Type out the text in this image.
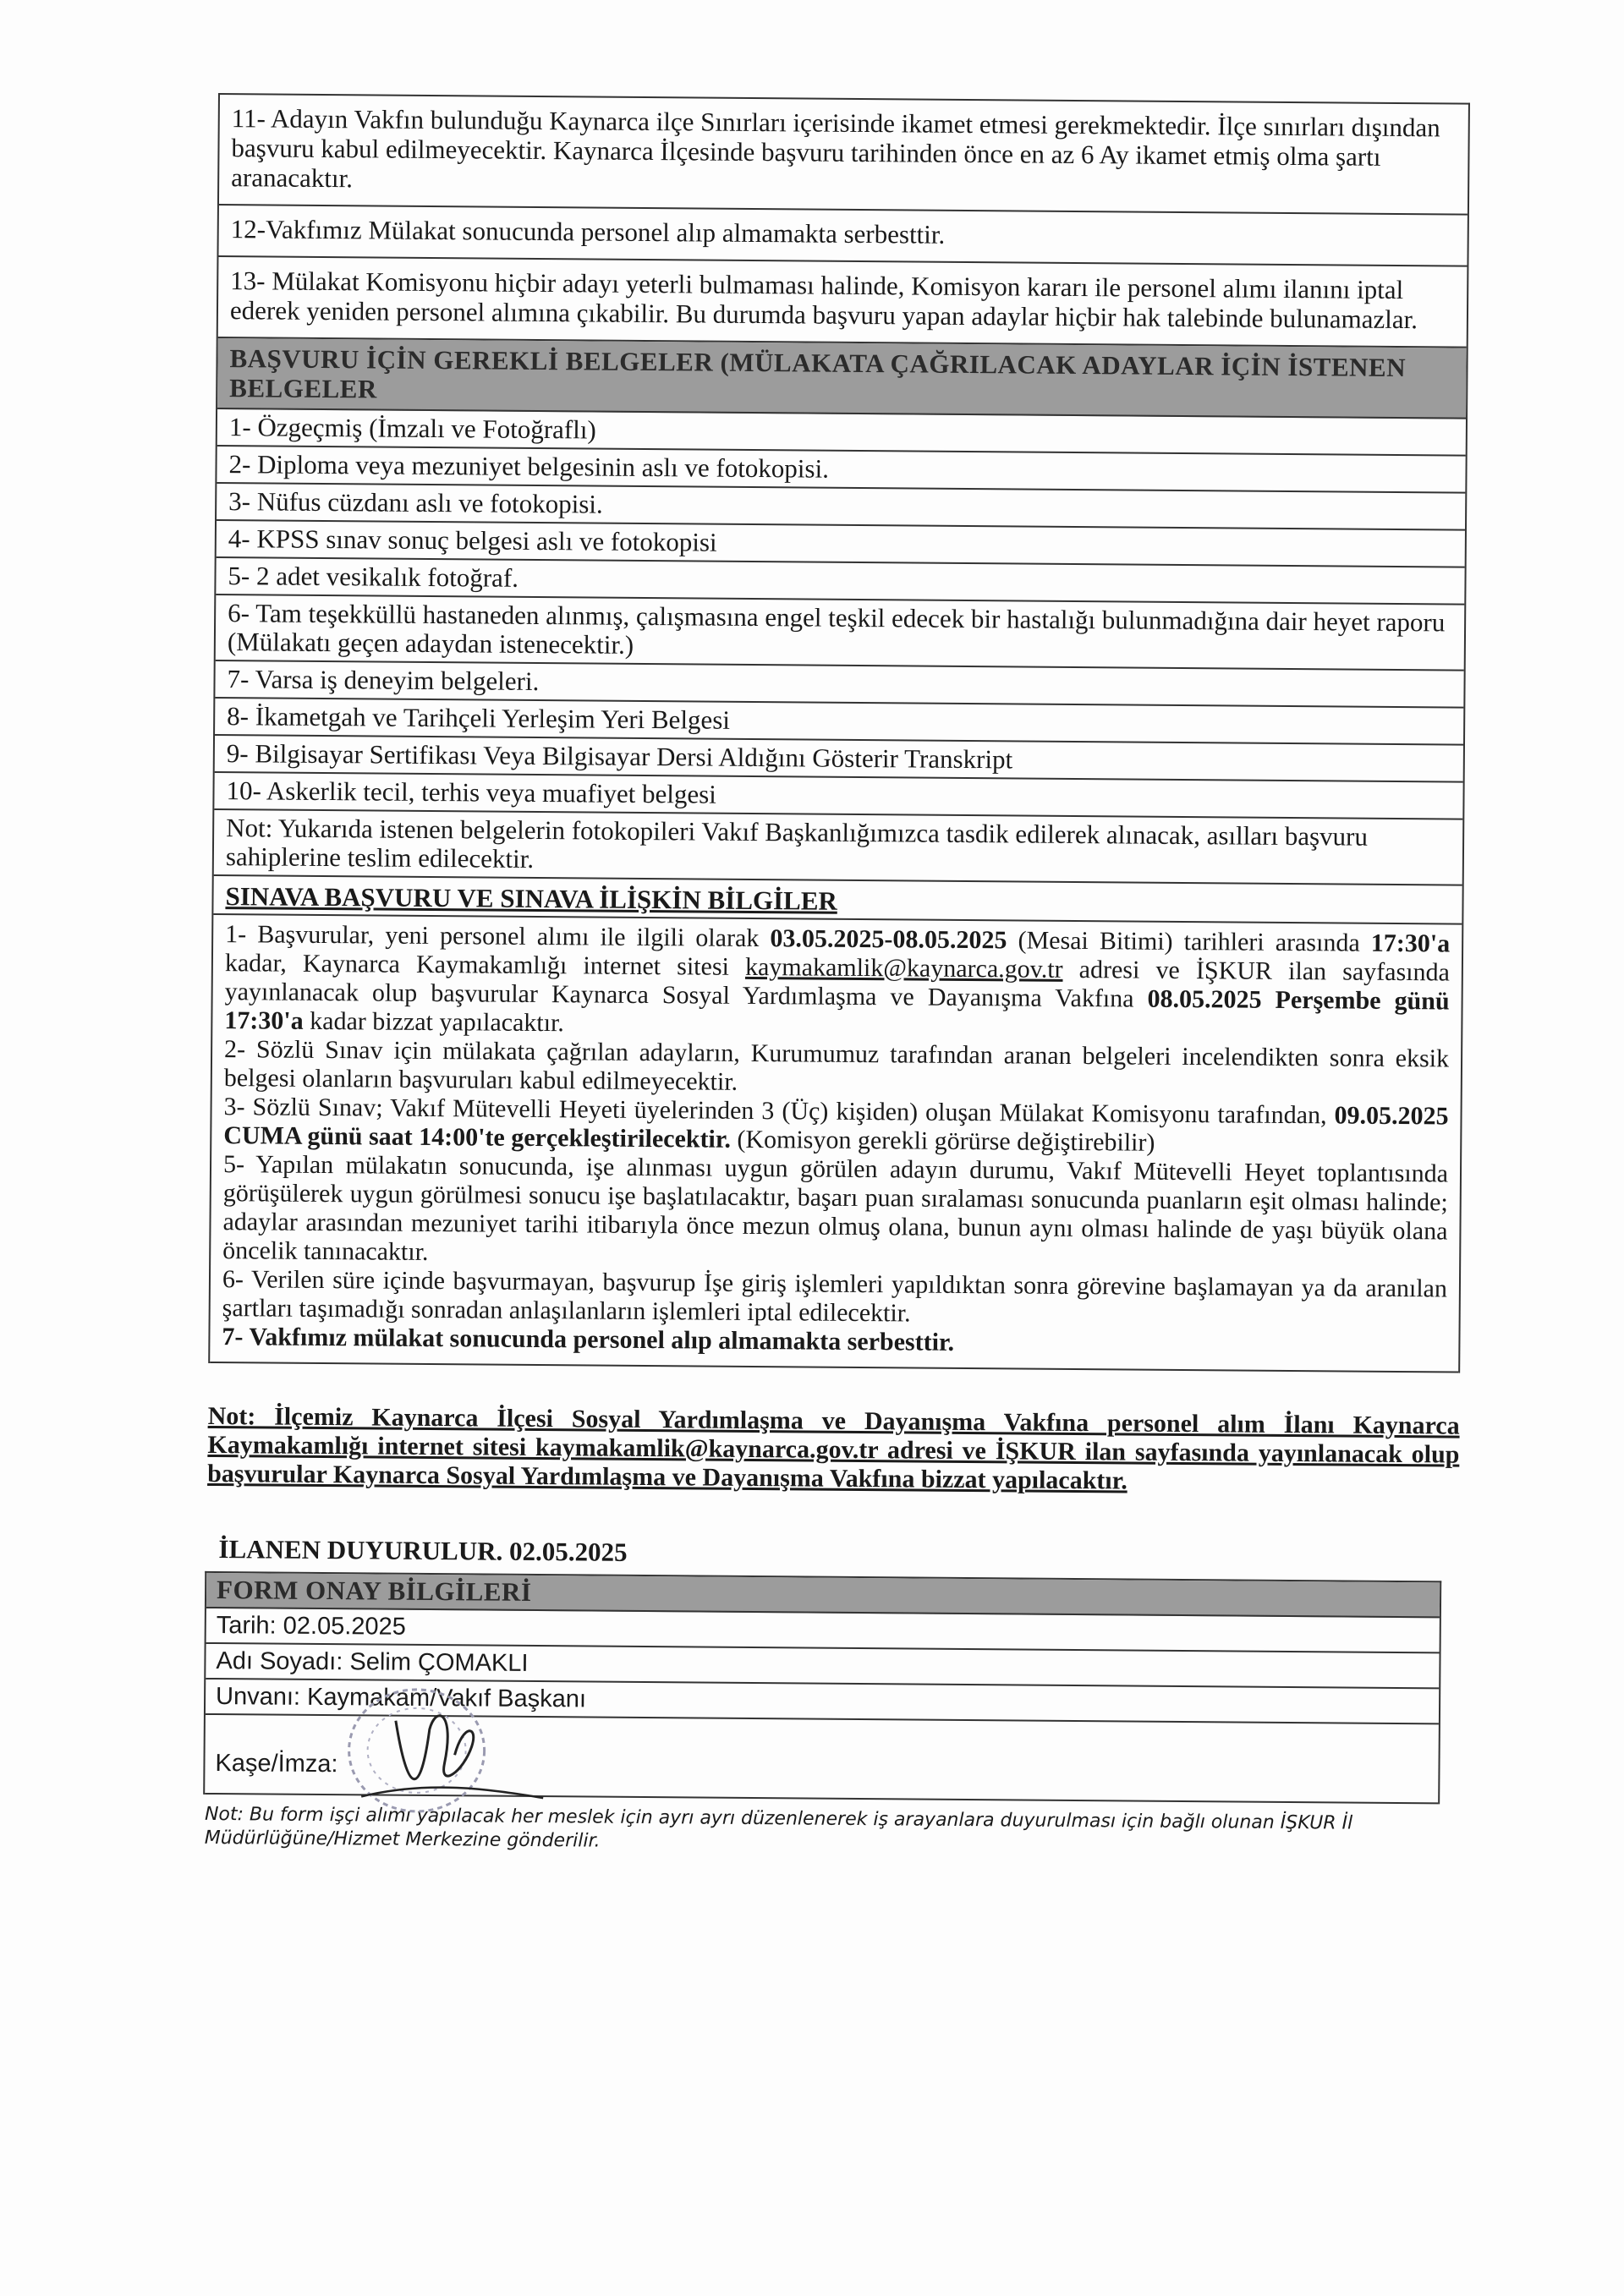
11- Adayın Vakfın bulunduğu Kaynarca ilçe Sınırları içerisinde ikamet etmesi gerekmektedir. İlçe sınırları dışından başvuru kabul edilmeyecektir. Kaynarca İlçesinde başvuru tarihinden önce en az 6 Ay ikamet etmiş olma şartı aranacaktır.
12-Vakfımız Mülakat sonucunda personel alıp almamakta serbesttir.
13- Mülakat Komisyonu hiçbir adayı yeterli bulmaması halinde, Komisyon kararı ile personel alımı ilanını iptal ederek yeniden personel alımına çıkabilir. Bu durumda başvuru yapan adaylar hiçbir hak talebinde bulunamazlar.
BAŞVURU İÇİN GEREKLİ BELGELER (MÜLAKATA ÇAĞRILACAK ADAYLAR İÇİN İSTENEN BELGELER
1- Özgeçmiş (İmzalı ve Fotoğraflı)
2- Diploma veya mezuniyet belgesinin aslı ve fotokopisi.
3- Nüfus cüzdanı aslı ve fotokopisi.
4- KPSS sınav sonuç belgesi aslı ve fotokopisi
5- 2 adet vesikalık fotoğraf.
6- Tam teşekküllü hastaneden alınmış, çalışmasına engel teşkil edecek bir hastalığı bulunmadığına dair heyet raporu (Mülakatı geçen adaydan istenecektir.)
7- Varsa iş deneyim belgeleri.
8- İkametgah ve Tarihçeli Yerleşim Yeri Belgesi
9- Bilgisayar Sertifikası Veya Bilgisayar Dersi Aldığını Gösterir Transkript
10- Askerlik tecil, terhis veya muafiyet belgesi
Not: Yukarıda istenen belgelerin fotokopileri Vakıf Başkanlığımızca tasdik edilerek alınacak, asılları başvuru sahiplerine teslim edilecektir.
SINAVA BAŞVURU VE SINAVA İLİŞKİN BİLGİLER

1- Başvurular, yeni personel alımı ile ilgili olarak 03.05.2025-08.05.2025 (Mesai Bitimi) tarihleri arasında 17:30'a kadar, Kaynarca Kaymakamlığı internet sitesi kaymakamlik@kaynarca.gov.tr adresi ve İŞKUR ilan sayfasında yayınlanacak olup başvurular Kaynarca Sosyal Yardımlaşma ve Dayanışma Vakfına 08.05.2025 Perşembe günü 17:30'a kadar bizzat yapılacaktır.

2- Sözlü Sınav için mülakata çağrılan adayların, Kurumumuz tarafından aranan belgeleri incelendikten sonra eksik belgesi olanların başvuruları kabul edilmeyecektir.

3- Sözlü Sınav; Vakıf Mütevelli Heyeti üyelerinden 3 (Üç) kişiden) oluşan Mülakat Komisyonu tarafından, 09.05.2025 CUMA günü saat 14:00'te gerçekleştirilecektir. (Komisyon gerekli görürse değiştirebilir)

5- Yapılan mülakatın sonucunda, işe alınması uygun görülen adayın durumu, Vakıf Mütevelli Heyet toplantısında görüşülerek uygun görülmesi sonucu işe başlatılacaktır, başarı puan sıralaması sonucunda puanların eşit olması halinde; adaylar arasından mezuniyet tarihi itibarıyla önce mezun olmuş olana, bunun aynı olması halinde de yaşı büyük olana öncelik tanınacaktır.

6- Verilen süre içinde başvurmayan, başvurup İşe giriş işlemleri yapıldıktan sonra görevine başlamayan ya da aranılan şartları taşımadığı sonradan anlaşılanların işlemleri iptal edilecektir.

7- Vakfımız mülakat sonucunda personel alıp almamakta serbesttir.

Not: İlçemiz Kaynarca İlçesi Sosyal Yardımlaşma ve Dayanışma Vakfına personel alım İlanı Kaynarca Kaymakamlığı internet sitesi kaymakamlik@kaynarca.gov.tr adresi ve İŞKUR ilan sayfasında yayınlanacak olup başvurular Kaynarca Sosyal Yardımlaşma ve Dayanışma Vakfına bizzat yapılacaktır.
İLANEN DUYURULUR. 02.05.2025
FORM ONAY BİLGİLERİ
Tarih: 02.05.2025
Adı Soyadı: Selim ÇOMAKLI
Unvanı: Kaymakam/Vakıf Başkanı
Kaşe/İmza:
Not: Bu form işçi alımı yapılacak her meslek için ayrı ayrı düzenlenerek iş arayanlara duyurulması için bağlı olunan İŞKUR İl Müdürlüğüne/Hizmet Merkezine gönderilir.
